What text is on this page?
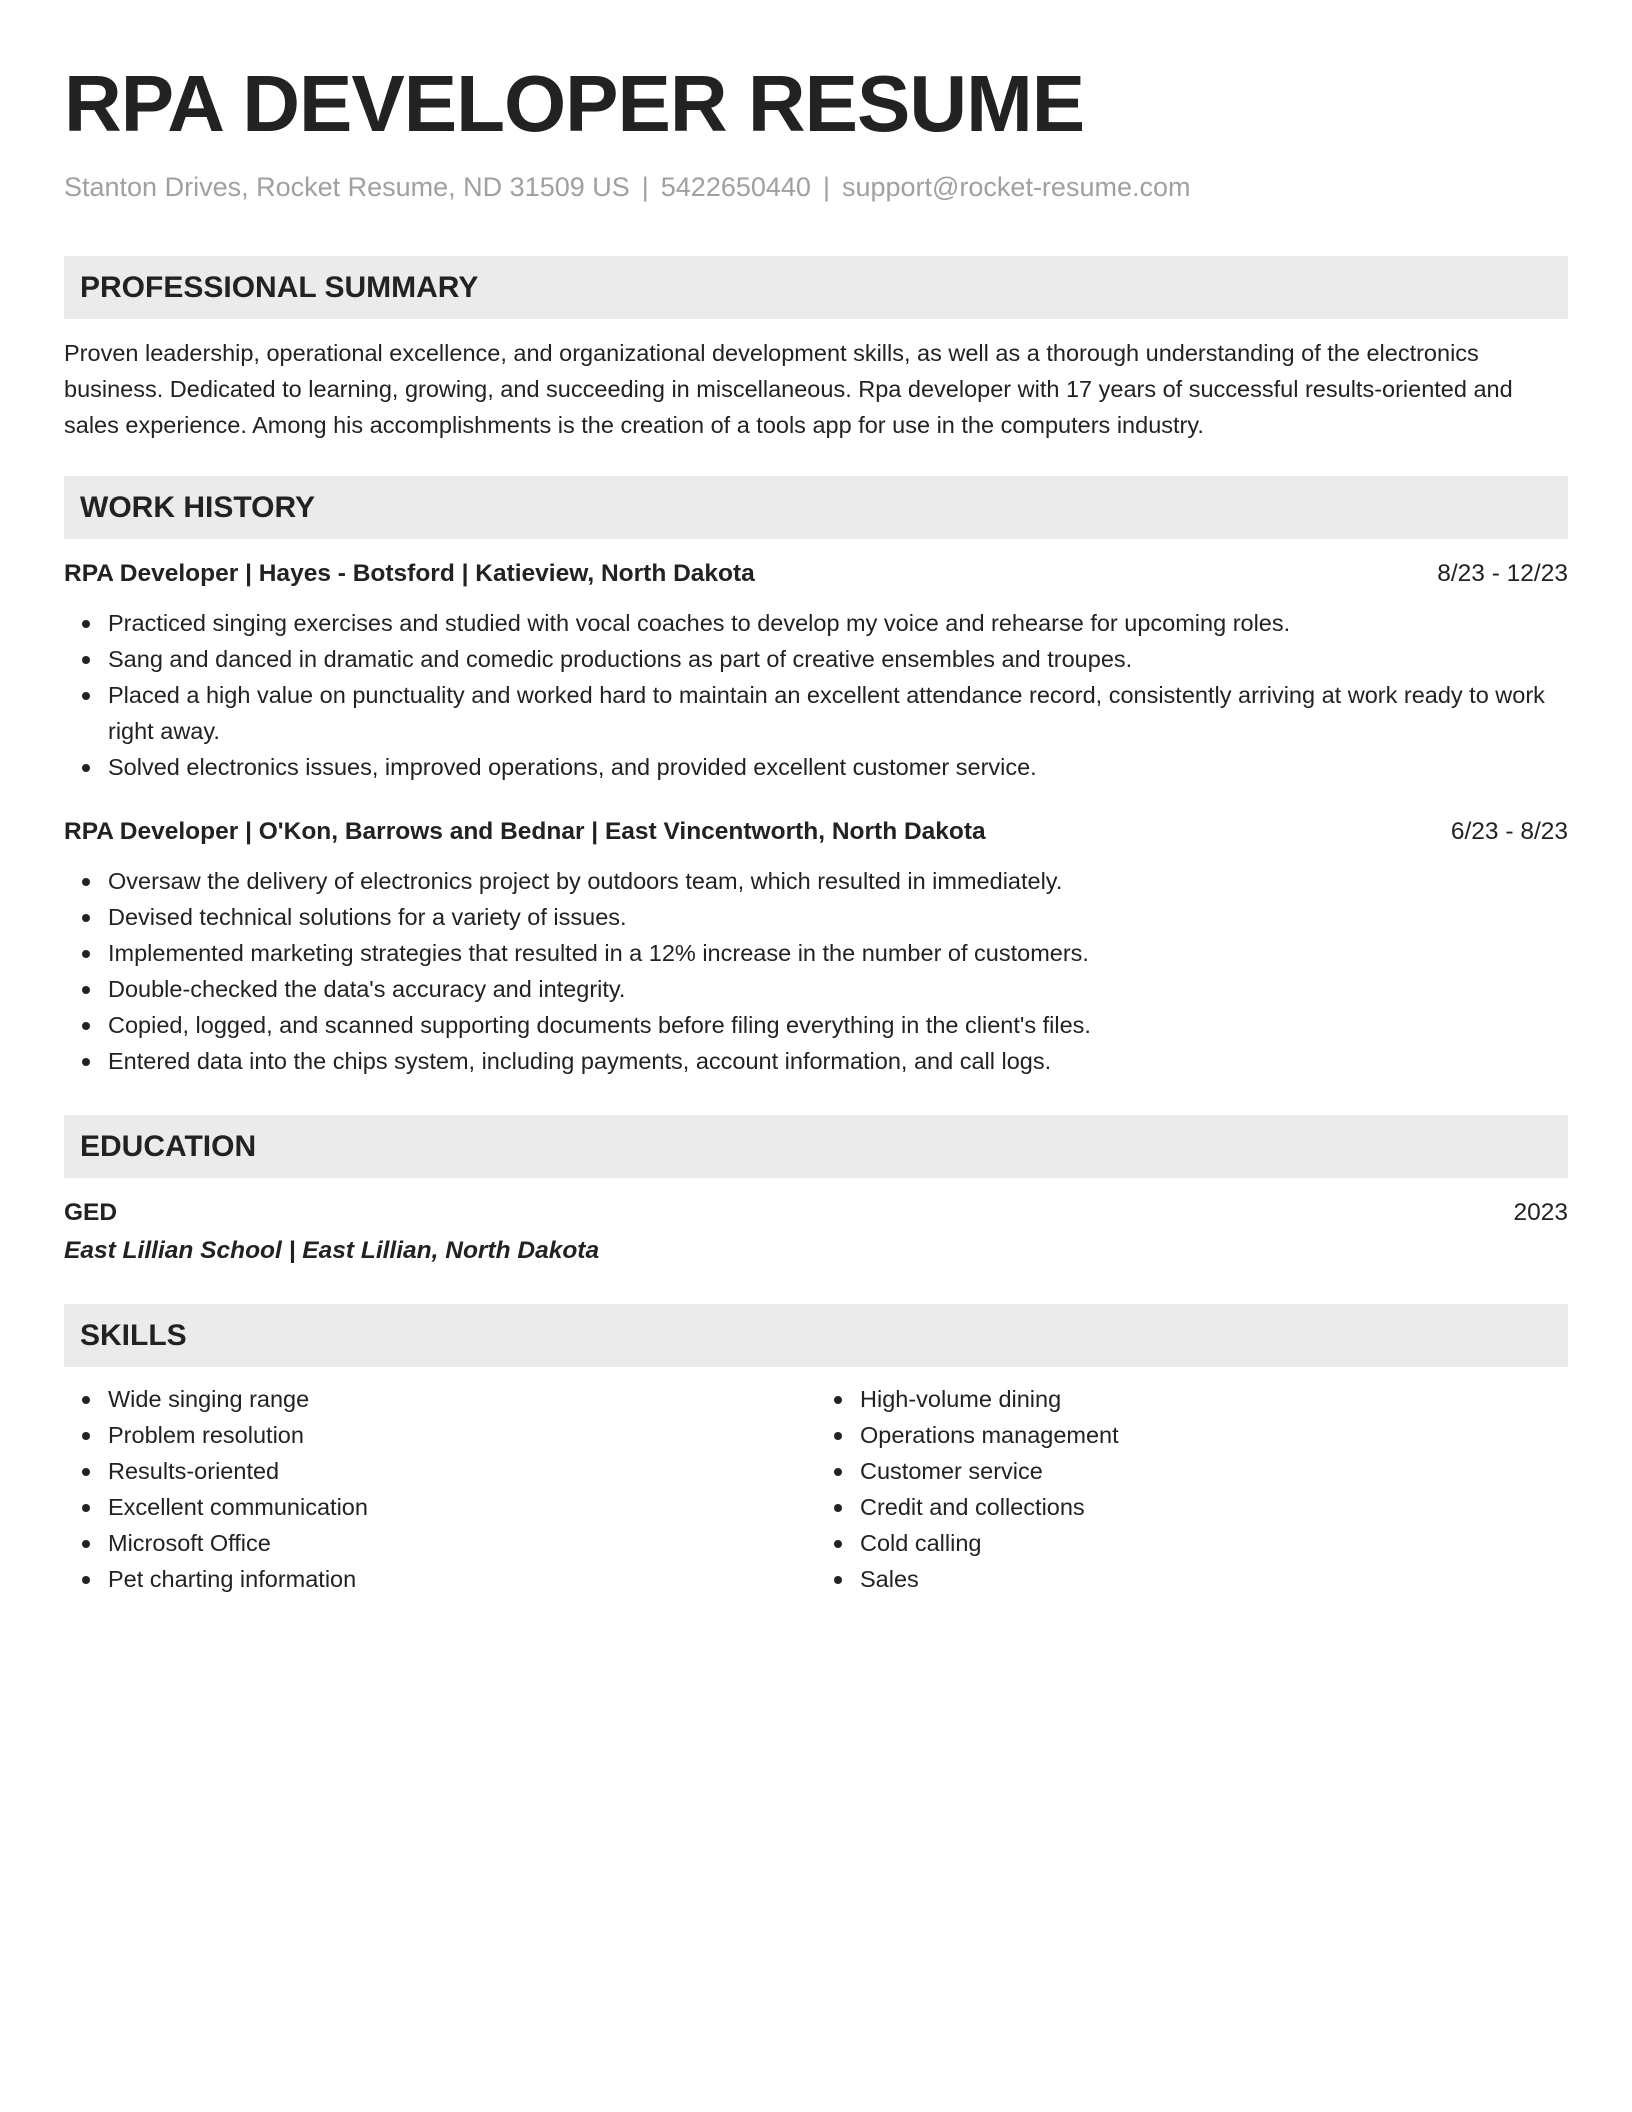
RPA DEVELOPER RESUME
Stanton Drives, Rocket Resume, ND 31509 US | 5422650440 | support@rocket-resume.com
PROFESSIONAL SUMMARY

Proven leadership, operational excellence, and organizational development skills, as well as a thorough understanding of the electronics business. Dedicated to learning, growing, and succeeding in miscellaneous. Rpa developer with 17 years of successful results-oriented and sales experience. Among his accomplishments is the creation of a tools app for use in the computers industry.

WORK HISTORY
RPA Developer | Hayes - Botsford | Katieview, North Dakota	8/23 - 12/23
Practiced singing exercises and studied with vocal coaches to develop my voice and rehearse for upcoming roles.
Sang and danced in dramatic and comedic productions as part of creative ensembles and troupes.
Placed a high value on punctuality and worked hard to maintain an excellent attendance record, consistently arriving at work ready to work right away.
Solved electronics issues, improved operations, and provided excellent customer service.
RPA Developer | O'Kon, Barrows and Bednar | East Vincentworth, North Dakota	6/23 - 8/23
Oversaw the delivery of electronics project by outdoors team, which resulted in immediately.
Devised technical solutions for a variety of issues.
Implemented marketing strategies that resulted in a 12% increase in the number of customers.
Double-checked the data's accuracy and integrity.
Copied, logged, and scanned supporting documents before filing everything in the client's files.
Entered data into the chips system, including payments, account information, and call logs.
EDUCATION
GED	2023
East Lillian School | East Lillian, North Dakota
SKILLS
Wide singing range
Problem resolution
Results-oriented
Excellent communication
Microsoft Office
Pet charting information
High-volume dining
Operations management
Customer service
Credit and collections
Cold calling
Sales
